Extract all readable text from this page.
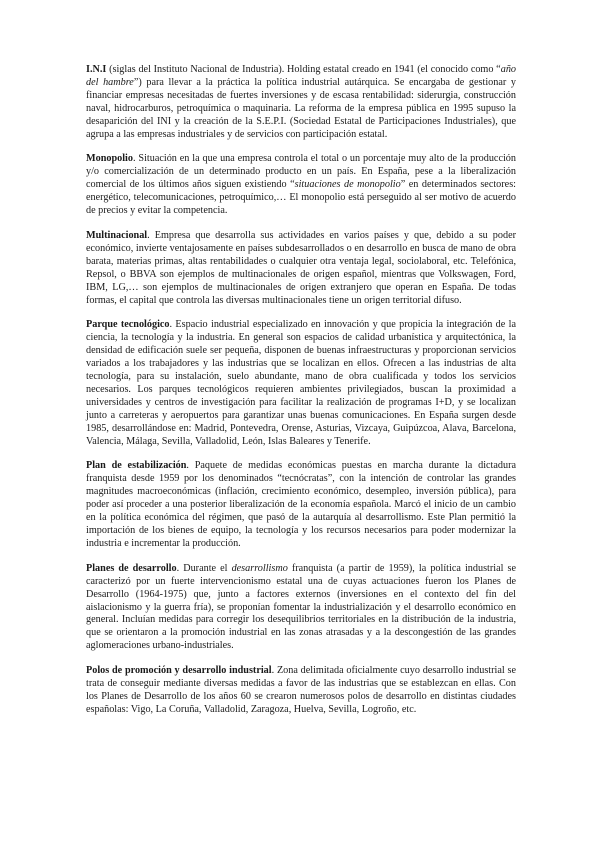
I.N.I (siglas del Instituto Nacional de Industria). Holding estatal creado en 1941 (el conocido como “año del hambre”) para llevar a la práctica la política industrial autárquica. Se encargaba de gestionar y financiar empresas necesitadas de fuertes inversiones y de escasa rentabilidad: siderurgia, construcción naval, hidrocarburos, petroquímica o maquinaria. La reforma de la empresa pública en 1995 supuso la desaparición del INI y la creación de la S.E.P.I. (Sociedad Estatal de Participaciones Industriales), que agrupa a las empresas industriales y de servicios con participación estatal.

Monopolio. Situación en la que una empresa controla el total o un porcentaje muy alto de la producción y/o comercialización de un determinado producto en un país. En España, pese a la liberalización comercial de los últimos años siguen existiendo “situaciones de monopolio” en determinados sectores: energético, telecomunicaciones, petroquímico,… El monopolio está perseguido al ser motivo de acuerdo de precios y evitar la competencia.

Multinacional. Empresa que desarrolla sus actividades en varios países y que, debido a su poder económico, invierte ventajosamente en países subdesarrollados o en desarrollo en busca de mano de obra barata, materias primas, altas rentabilidades o cualquier otra ventaja legal, sociolaboral, etc. Telefónica, Repsol, o BBVA son ejemplos de multinacionales de origen español, mientras que Volkswagen, Ford, IBM, LG,… son ejemplos de multinacionales de origen extranjero que operan en España. De todas formas, el capital que controla las diversas multinacionales tiene un origen territorial difuso.

Parque tecnológico. Espacio industrial especializado en innovación y que propicia la integración de la ciencia, la tecnología y la industria. En general son espacios de calidad urbanística y arquitectónica, la densidad de edificación suele ser pequeña, disponen de buenas infraestructuras y proporcionan servicios variados a los trabajadores y las industrias que se localizan en ellos. Ofrecen a las industrias de alta tecnología, para su instalación, suelo abundante, mano de obra cualificada y todos los servicios necesarios. Los parques tecnológicos requieren ambientes privilegiados, buscan la proximidad a universidades y centros de investigación para facilitar la realización de programas I+D, y se localizan junto a carreteras y aeropuertos para garantizar unas buenas comunicaciones. En España surgen desde 1985, desarrollándose en: Madrid, Pontevedra, Orense, Asturias, Vizcaya, Guipúzcoa, Alava, Barcelona, Valencia, Málaga, Sevilla, Valladolid, León, Islas Baleares y Tenerife.

Plan de estabilización. Paquete de medidas económicas puestas en marcha durante la dictadura franquista desde 1959 por los denominados “tecnócratas”, con la intención de controlar las grandes magnitudes macroeconómicas (inflación, crecimiento económico, desempleo, inversión pública), para poder así proceder a una posterior liberalización de la economía española. Marcó el inicio de un cambio en la política económica del régimen, que pasó de la autarquía al desarrollismo. Este Plan permitió la importación de los bienes de equipo, la tecnología y los recursos necesarios para poder modernizar la industria e incrementar la producción.

Planes de desarrollo. Durante el desarrollismo franquista (a partir de 1959), la política industrial se caracterizó por un fuerte intervencionismo estatal una de cuyas actuaciones fueron los Planes de Desarrollo (1964-1975) que, junto a factores externos (inversiones en el contexto del fin del aislacionismo y la guerra fría), se proponían fomentar la industrialización y el desarrollo económico en general. Incluían medidas para corregir los desequilibrios territoriales en la distribución de la industria, que se orientaron a la promoción industrial en las zonas atrasadas y a la descongestión de las grandes aglomeraciones urbano-industriales.

Polos de promoción y desarrollo industrial. Zona delimitada oficialmente cuyo desarrollo industrial se trata de conseguir mediante diversas medidas a favor de las industrias que se establezcan en ellas. Con los Planes de Desarrollo de los años 60 se crearon numerosos polos de desarrollo en distintas ciudades españolas: Vigo, La Coruña, Valladolid, Zaragoza, Huelva, Sevilla, Logroño, etc.
